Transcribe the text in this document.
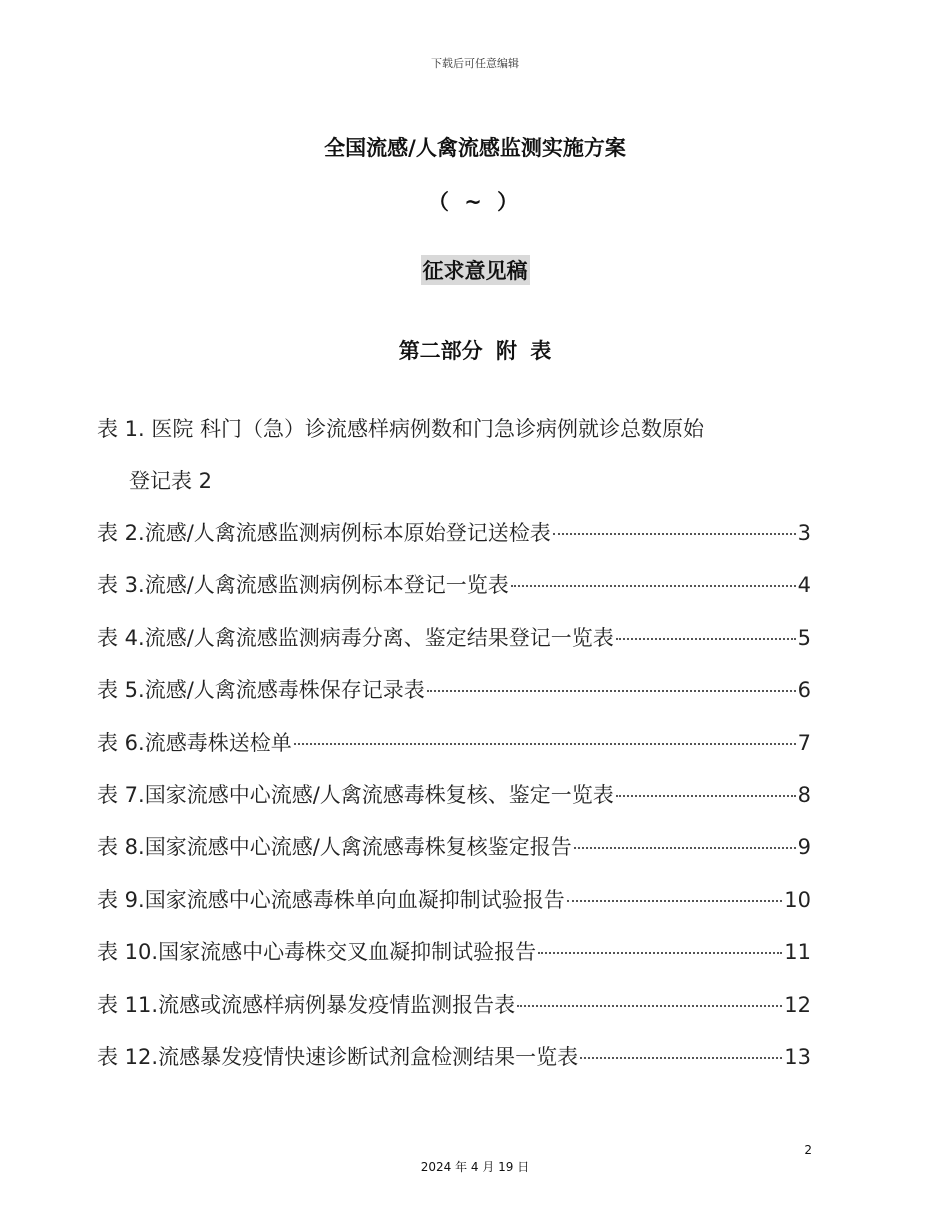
下载后可任意编辑
全国流感/人禽流感监测实施方案
（ ~ ）
征求意见稿
第二部分 附 表
表 1. 医院 科门（急）诊流感样病例数和门急诊病例就诊总数原始
登记表 2
表 2. 流感/人禽流感监测病例标本原始登记送检表	3
表 3. 流感/人禽流感监测病例标本登记一览表	4
表 4. 流感/人禽流感监测病毒分离、鉴定结果登记一览表	5
表 5. 流感/人禽流感毒株保存记录表	6
表 6. 流感毒株送检单	7
表 7. 国家流感中心流感/人禽流感毒株复核、鉴定一览表	8
表 8. 国家流感中心流感/人禽流感毒株复核鉴定报告	9
表 9. 国家流感中心流感毒株单向血凝抑制试验报告	10
表 10. 国家流感中心毒株交叉血凝抑制试验报告	11
表 11. 流感或流感样病例暴发疫情监测报告表	12
表 12. 流感暴发疫情快速诊断试剂盒检测结果一览表	13
2
2024 年 4 月 19 日
